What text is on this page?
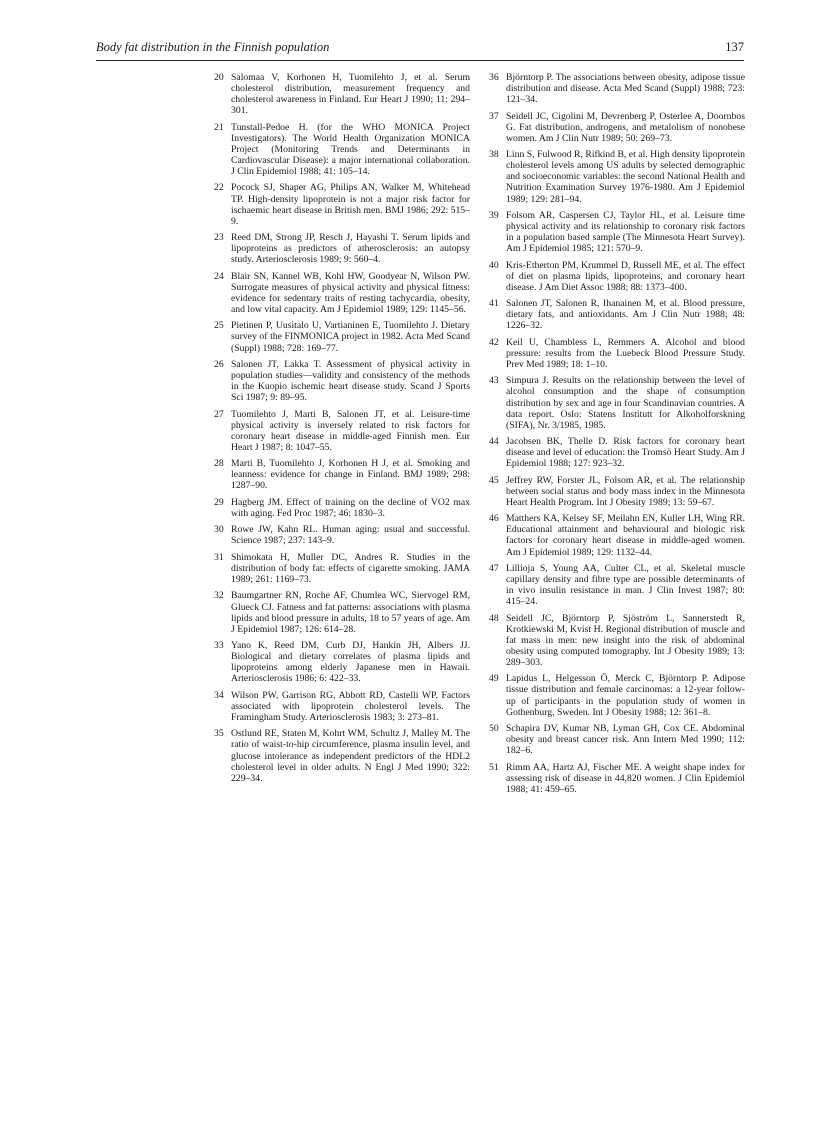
Body fat distribution in the Finnish population	137
20 Salomaa V, Korhonen H, Tuomilehto J, et al. Serum cholesterol distribution, measurement frequency and cholesterol awareness in Finland. Eur Heart J 1990; 11: 294–301.
21 Tunstall-Pedoe H. (for the WHO MONICA Project Investigators). The World Health Organization MONICA Project (Monitoring Trends and Determinants in Cardiovascular Disease): a major international collaboration. J Clin Epidemiol 1988; 41: 105–14.
22 Pocock SJ, Shaper AG, Philips AN, Walker M, Whitehead TP. High-density lipoprotein is not a major risk factor for ischaemic heart disease in British men. BMJ 1986; 292: 515–9.
23 Reed DM, Strong JP, Resch J, Hayashi T. Serum lipids and lipoproteins as predictors of atherosclerosis: an autopsy study. Arteriosclerosis 1989; 9: 560–4.
24 Blair SN, Kannel WB, Kohl HW, Goodyear N, Wilson PW. Surrogate measures of physical activity and physical fitness: evidence for sedentary traits of resting tachycardia, obesity, and low vital capacity. Am J Epidemiol 1989; 129: 1145–56.
25 Pietinen P, Uusitalo U, Vartianinen E, Tuomilehto J. Dietary survey of the FINMONICA project in 1982. Acta Med Scand (Suppl) 1988; 728: 169–77.
26 Salonen JT, Lakka T. Assessment of physical activity in population studies—validity and consistency of the methods in the Kuopio ischemic heart disease study. Scand J Sports Sci 1987; 9: 89–95.
27 Tuomilehto J, Marti B, Salonen JT, et al. Leisure-time physical activity is inversely related to risk factors for coronary heart disease in middle-aged Finnish men. Eur Heart J 1987; 8: 1047–55.
28 Marti B, Tuomilehto J, Korhonen H J, et al. Smoking and leanness: evidence for change in Finland. BMJ 1989; 298: 1287–90.
29 Hagberg JM. Effect of training on the decline of VO2 max with aging. Fed Proc 1987; 46: 1830–3.
30 Rowe JW, Kahn RL. Human aging: usual and successful. Science 1987; 237: 143–9.
31 Shimokata H, Muller DC, Andres R. Studies in the distribution of body fat: effects of cigarette smoking. JAMA 1989; 261: 1169–73.
32 Baumgartner RN, Roche AF, Chumlea WC, Siervogel RM, Glueck CJ. Fatness and fat patterns: associations with plasma lipids and blood pressure in adults, 18 to 57 years of age. Am J Epidemiol 1987; 126: 614–28.
33 Yano K, Reed DM, Curb DJ, Hankin JH, Albers JJ. Biological and dietary correlates of plasma lipids and lipoproteins among elderly Japanese men in Hawaii. Arteriosclerosis 1986; 6: 422–33.
34 Wilson PW, Garrison RG, Abbott RD, Castelli WP. Factors associated with lipoprotein cholesterol levels. The Framingham Study. Arteriosclerosis 1983; 3: 273–81.
35 Ostlund RE, Staten M, Kohrt WM, Schultz J, Malley M. The ratio of waist-to-hip circumference, plasma insulin level, and glucose intolerance as independent predictors of the HDL2 cholesterol level in older adults. N Engl J Med 1990; 322: 229–34.
36 Björntorp P. The associations between obesity, adipose tissue distribution and disease. Acta Med Scand (Suppl) 1988; 723: 121–34.
37 Seidell JC, Cigolini M, Devrenberg P, Osterlee A, Doornbos G. Fat distribution, androgens, and metalolism of nonobese women. Am J Clin Nutr 1989; 50: 269–73.
38 Linn S, Fulwood R, Rifkind B, et al. High density lipoprotein cholesterol levels among US adults by selected demographic and socioeconomic variables: the second National Health and Nutrition Examination Survey 1976-1980. Am J Epidemiol 1989; 129: 281–94.
39 Folsom AR, Caspersen CJ, Taylor HL, et al. Leisure time physical activity and its relationship to coronary risk factors in a population based sample (The Minnesota Heart Survey). Am J Epidemiol 1985; 121: 570–9.
40 Kris-Etherton PM, Krummel D, Russell ME, et al. The effect of diet on plasma lipids, lipoproteins, and coronary heart disease. J Am Diet Assoc 1988; 88: 1373–400.
41 Salonen JT, Salonen R, Ihanainen M, et al. Blood pressure, dietary fats, and antioxidants. Am J Clin Nutr 1988; 48: 1226–32.
42 Keil U, Chambless L, Remmers A. Alcohol and blood pressure: results from the Luebeck Blood Pressure Study. Prev Med 1989; 18: 1–10.
43 Simpura J. Results on the relationship between the level of alcohol consumption and the shape of consumption distribution by sex and age in four Scandinavian countries. A data report. Oslo: Statens Institutt for Alkoholforskning (SIFA), Nr. 3/1985, 1985.
44 Jacobsen BK, Thelle D. Risk factors for coronary heart disease and level of education: the Tromsö Heart Study. Am J Epidemiol 1988; 127: 923–32.
45 Jeffrey RW, Forster JL, Folsom AR, et al. The relationship between social status and body mass index in the Minnesota Heart Health Program. Int J Obesity 1989; 13: 59–67.
46 Matthers KA, Kelsey SF, Meilahn EN, Kuller LH, Wing RR. Educational attainment and behavioural and biologic risk factors for coronary heart disease in middle-aged women. Am J Epidemiol 1989; 129: 1132–44.
47 Lillioja S, Young AA, Culter CL, et al. Skeletal muscle capillary density and fibre type are possible determinants of in vivo insulin resistance in man. J Clin Invest 1987; 80: 415–24.
48 Seidell JC, Björntorp P, Sjöström L, Sannerstedt R, Krotkiewski M, Kvist H. Regional distribution of muscle and fat mass in men: new insight into the risk of abdominal obesity using computed tomography. Int J Obesity 1989; 13: 289–303.
49 Lapidus L, Helgesson Ö, Merck C, Björntorp P. Adipose tissue distribution and female carcinomas: a 12-year follow-up of participants in the population study of women in Gothenburg, Sweden. Int J Obesity 1988; 12: 361–8.
50 Schapira DV, Kumar NB, Lyman GH, Cox CE. Abdominal obesity and breast cancer risk. Ann Intern Med 1990; 112: 182–6.
51 Rimm AA, Hartz AJ, Fischer ME. A weight shape index for assessing risk of disease in 44,820 women. J Clin Epidemiol 1988; 41: 459–65.
